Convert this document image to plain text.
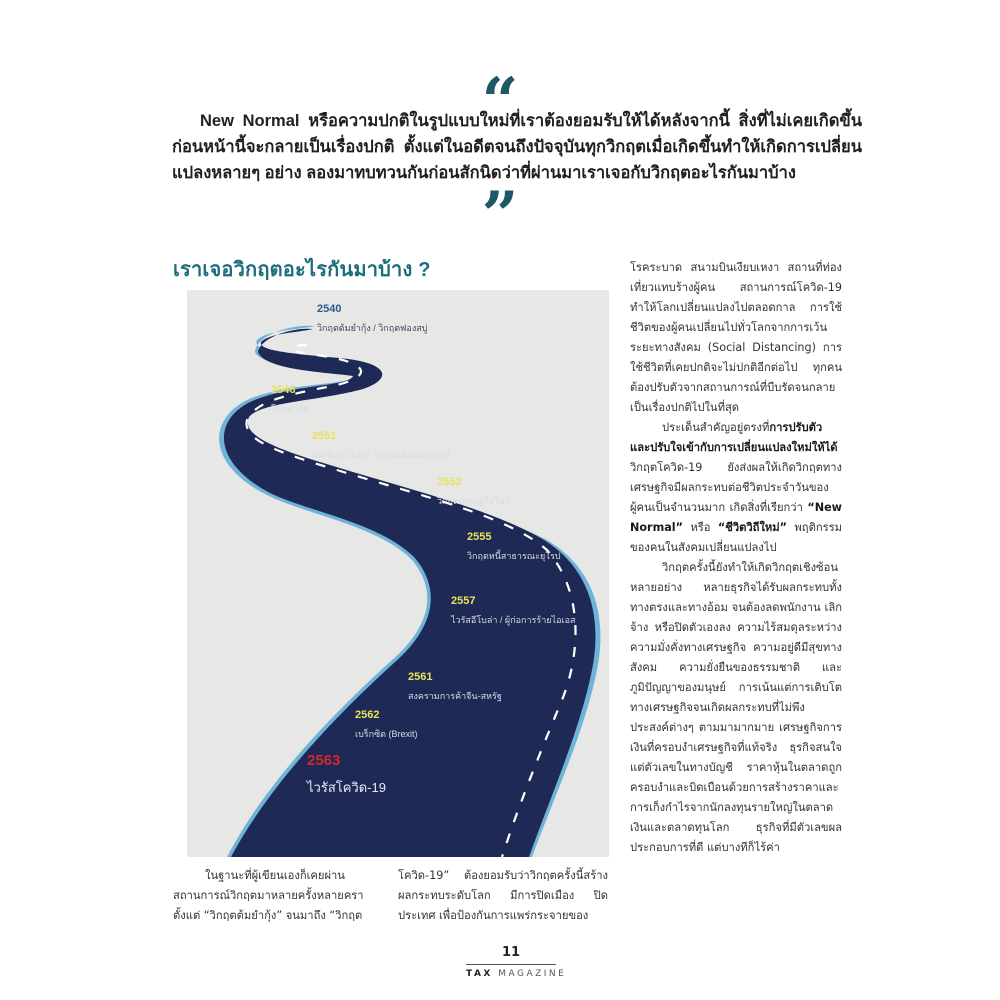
“

New Normal หรือความปกติในรูปแบบใหม่ที่เราต้องยอมรับให้ได้หลังจากนี้ สิ่งที่ไม่เคยเกิดขึ้นก่อนหน้านี้จะกลายเป็นเรื่องปกติ ตั้งแต่ในอดีตจนถึงปัจจุบันทุกวิกฤตเมื่อเกิดขึ้นทำให้เกิดการเปลี่ยนแปลงหลายๆ อย่าง ลองมาทบทวนกันก่อนสักนิดว่าที่ผ่านมาเราเจอกับวิกฤตอะไรกันมาบ้าง

”
เราเจอวิกฤตอะไรกันมาบ้าง ?
2540
วิกฤตต้มยำกุ้ง / วิกฤตฟองสบู่
2546
โรคซาร์ส
2551
สินเชื่อซับไพรม์ วิกฤตแฮมเบอร์เกอร์
2552
วิกฤตเศรษฐกิจโลก
2555
วิกฤตหนี้สาธารณะยุโรป
2557
ไวรัสอีโบล่า / ผู้ก่อการร้ายไอเอส
2561
สงครามการค้าจีน-สหรัฐ
2562
เบร็กซิต (Brexit)
2563
ไวรัสโควิด-19

ในฐานะที่ผู้เขียนเองก็เคยผ่านสถานการณ์วิกฤตมาหลายครั้งหลายครา ตั้งแต่ “วิกฤตต้มยำกุ้ง” จนมาถึง “วิกฤต

โควิด-19” ต้องยอมรับว่าวิกฤตครั้งนี้สร้างผลกระทบระดับโลก มีการปิดเมือง ปิดประเทศ เพื่อป้องกันการแพร่กระจายของ

โรคระบาด สนามบินเงียบเหงา สถานที่ท่องเที่ยวแทบร้างผู้คน สถานการณ์โควิด-19 ทำให้โลกเปลี่ยนแปลงไปตลอดกาล การใช้ชีวิตของผู้คนเปลี่ยนไปทั่วโลกจากการเว้นระยะทางสังคม (Social Distancing) การใช้ชีวิตที่เคยปกติจะไม่ปกติอีกต่อไป ทุกคนต้องปรับตัวจากสถานการณ์ที่บีบรัดจนกลายเป็นเรื่องปกติไปในที่สุด

ประเด็นสำคัญอยู่ตรงที่การปรับตัวและปรับใจเข้ากับการเปลี่ยนแปลงใหม่ให้ได้ วิกฤตโควิด-19 ยังส่งผลให้เกิดวิกฤตทางเศรษฐกิจมีผลกระทบต่อชีวิตประจำวันของผู้คนเป็นจำนวนมาก เกิดสิ่งที่เรียกว่า “New Normal” หรือ “ชีวิตวิถีใหม่” พฤติกรรมของคนในสังคมเปลี่ยนแปลงไป

วิกฤตครั้งนี้ยังทำให้เกิดวิกฤตเชิงซ้อนหลายอย่าง หลายธุรกิจได้รับผลกระทบทั้งทางตรงและทางอ้อม จนต้องลดพนักงาน เลิกจ้าง หรือปิดตัวเองลง ความไร้สมดุลระหว่างความมั่งคั่งทางเศรษฐกิจ ความอยู่ดีมีสุขทางสังคม ความยั่งยืนของธรรมชาติ และภูมิปัญญาของมนุษย์ การเน้นแต่การเติบโตทางเศรษฐกิจจนเกิดผลกระทบที่ไม่พึงประสงค์ต่างๆ ตามมามากมาย เศรษฐกิจการเงินที่ครอบงำเศรษฐกิจที่แท้จริง ธุรกิจสนใจแต่ตัวเลขในทางบัญชี ราคาหุ้นในตลาดถูกครอบงำและบิดเบือนด้วยการสร้างราคาและการเก็งกำไรจากนักลงทุนรายใหญ่ในตลาดเงินและตลาดทุนโลก ธุรกิจที่มีตัวเลขผลประกอบการที่ดี แต่บางทีก็ไร้ค่า

11
TAX MAGAZINE
